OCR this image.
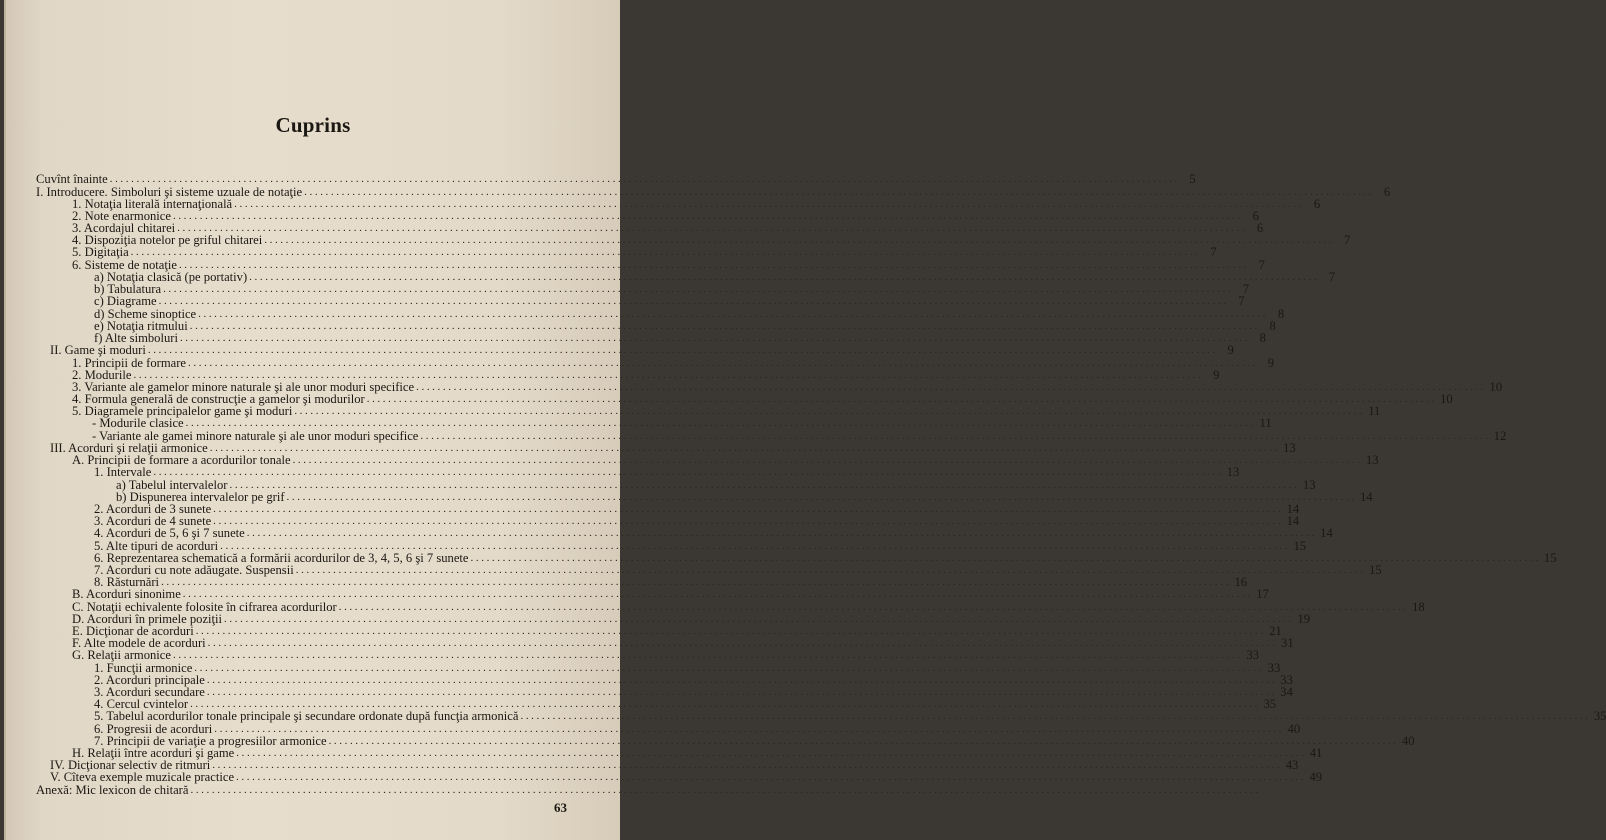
Cuprins
Cuvînt înainte ........................................................................................................................................................................................................ 5
I. Introducere. Simboluri şi sisteme uzuale de notaţie ........................................................................................................................................................................................................ 6
1. Notaţia literală internaţională ........................................................................................................................................................................................................ 6
2. Note enarmonice ........................................................................................................................................................................................................ 6
3. Acordajul chitarei ........................................................................................................................................................................................................ 6
4. Dispoziţia notelor pe griful chitarei ........................................................................................................................................................................................................ 7
5. Digitaţia ........................................................................................................................................................................................................ 7
6. Sisteme de notaţie ........................................................................................................................................................................................................ 7
a) Notaţia clasică (pe portativ) ........................................................................................................................................................................................................ 7
b) Tabulatura ........................................................................................................................................................................................................ 7
c) Diagrame ........................................................................................................................................................................................................ 7
d) Scheme sinoptice ........................................................................................................................................................................................................ 8
e) Notaţia ritmului ........................................................................................................................................................................................................ 8
f) Alte simboluri ........................................................................................................................................................................................................ 8
II. Game şi moduri ........................................................................................................................................................................................................ 9
1. Principii de formare ........................................................................................................................................................................................................ 9
2. Modurile ........................................................................................................................................................................................................ 9
3. Variante ale gamelor minore naturale şi ale unor moduri specifice ........................................................................................................................................................................................................ 10
4. Formula generală de construcţie a gamelor şi modurilor ........................................................................................................................................................................................................ 10
5. Diagramele principalelor game şi moduri ........................................................................................................................................................................................................ 11
- Modurile clasice ........................................................................................................................................................................................................ 11
- Variante ale gamei minore naturale şi ale unor moduri specifice ........................................................................................................................................................................................................ 12
III. Acorduri şi relaţii armonice ........................................................................................................................................................................................................ 13
A. Principii de formare a acordurilor tonale ........................................................................................................................................................................................................ 13
1. Intervale ........................................................................................................................................................................................................ 13
a) Tabelul intervalelor ........................................................................................................................................................................................................ 13
b) Dispunerea intervalelor pe grif ........................................................................................................................................................................................................ 14
2. Acorduri de 3 sunete ........................................................................................................................................................................................................ 14
3. Acorduri de 4 sunete ........................................................................................................................................................................................................ 14
4. Acorduri de 5, 6 şi 7 sunete ........................................................................................................................................................................................................ 14
5. Alte tipuri de acorduri ........................................................................................................................................................................................................ 15
6. Reprezentarea schematică a formării acordurilor de 3, 4, 5, 6 şi 7 sunete ........................................................................................................................................................................................................ 15
7. Acorduri cu note adăugate. Suspensii ........................................................................................................................................................................................................ 15
8. Răsturnări ........................................................................................................................................................................................................ 16
B. Acorduri sinonime ........................................................................................................................................................................................................ 17
C. Notaţii echivalente folosite în cifrarea acordurilor ........................................................................................................................................................................................................ 18
D. Acorduri în primele poziţii ........................................................................................................................................................................................................ 19
E. Dicţionar de acorduri ........................................................................................................................................................................................................ 21
F. Alte modele de acorduri ........................................................................................................................................................................................................ 31
G. Relaţii armonice ........................................................................................................................................................................................................ 33
1. Funcţii armonice ........................................................................................................................................................................................................ 33
2. Acorduri principale ........................................................................................................................................................................................................ 33
3. Acorduri secundare ........................................................................................................................................................................................................ 34
4. Cercul cvintelor ........................................................................................................................................................................................................ 35
5. Tabelul acordurilor tonale principale şi secundare ordonate după funcţia armonică ........................................................................................................................................................................................................ 35
6. Progresii de acorduri ........................................................................................................................................................................................................ 40
7. Principii de variaţie a progresiilor armonice ........................................................................................................................................................................................................ 40
H. Relaţii între acorduri şi game ........................................................................................................................................................................................................ 41
IV. Dicţionar selectiv de ritmuri ........................................................................................................................................................................................................ 43
V. Cîteva exemple muzicale practice ........................................................................................................................................................................................................ 49
Anexă: Mic lexicon de chitară ........................................................................................................................................................................................................
63
